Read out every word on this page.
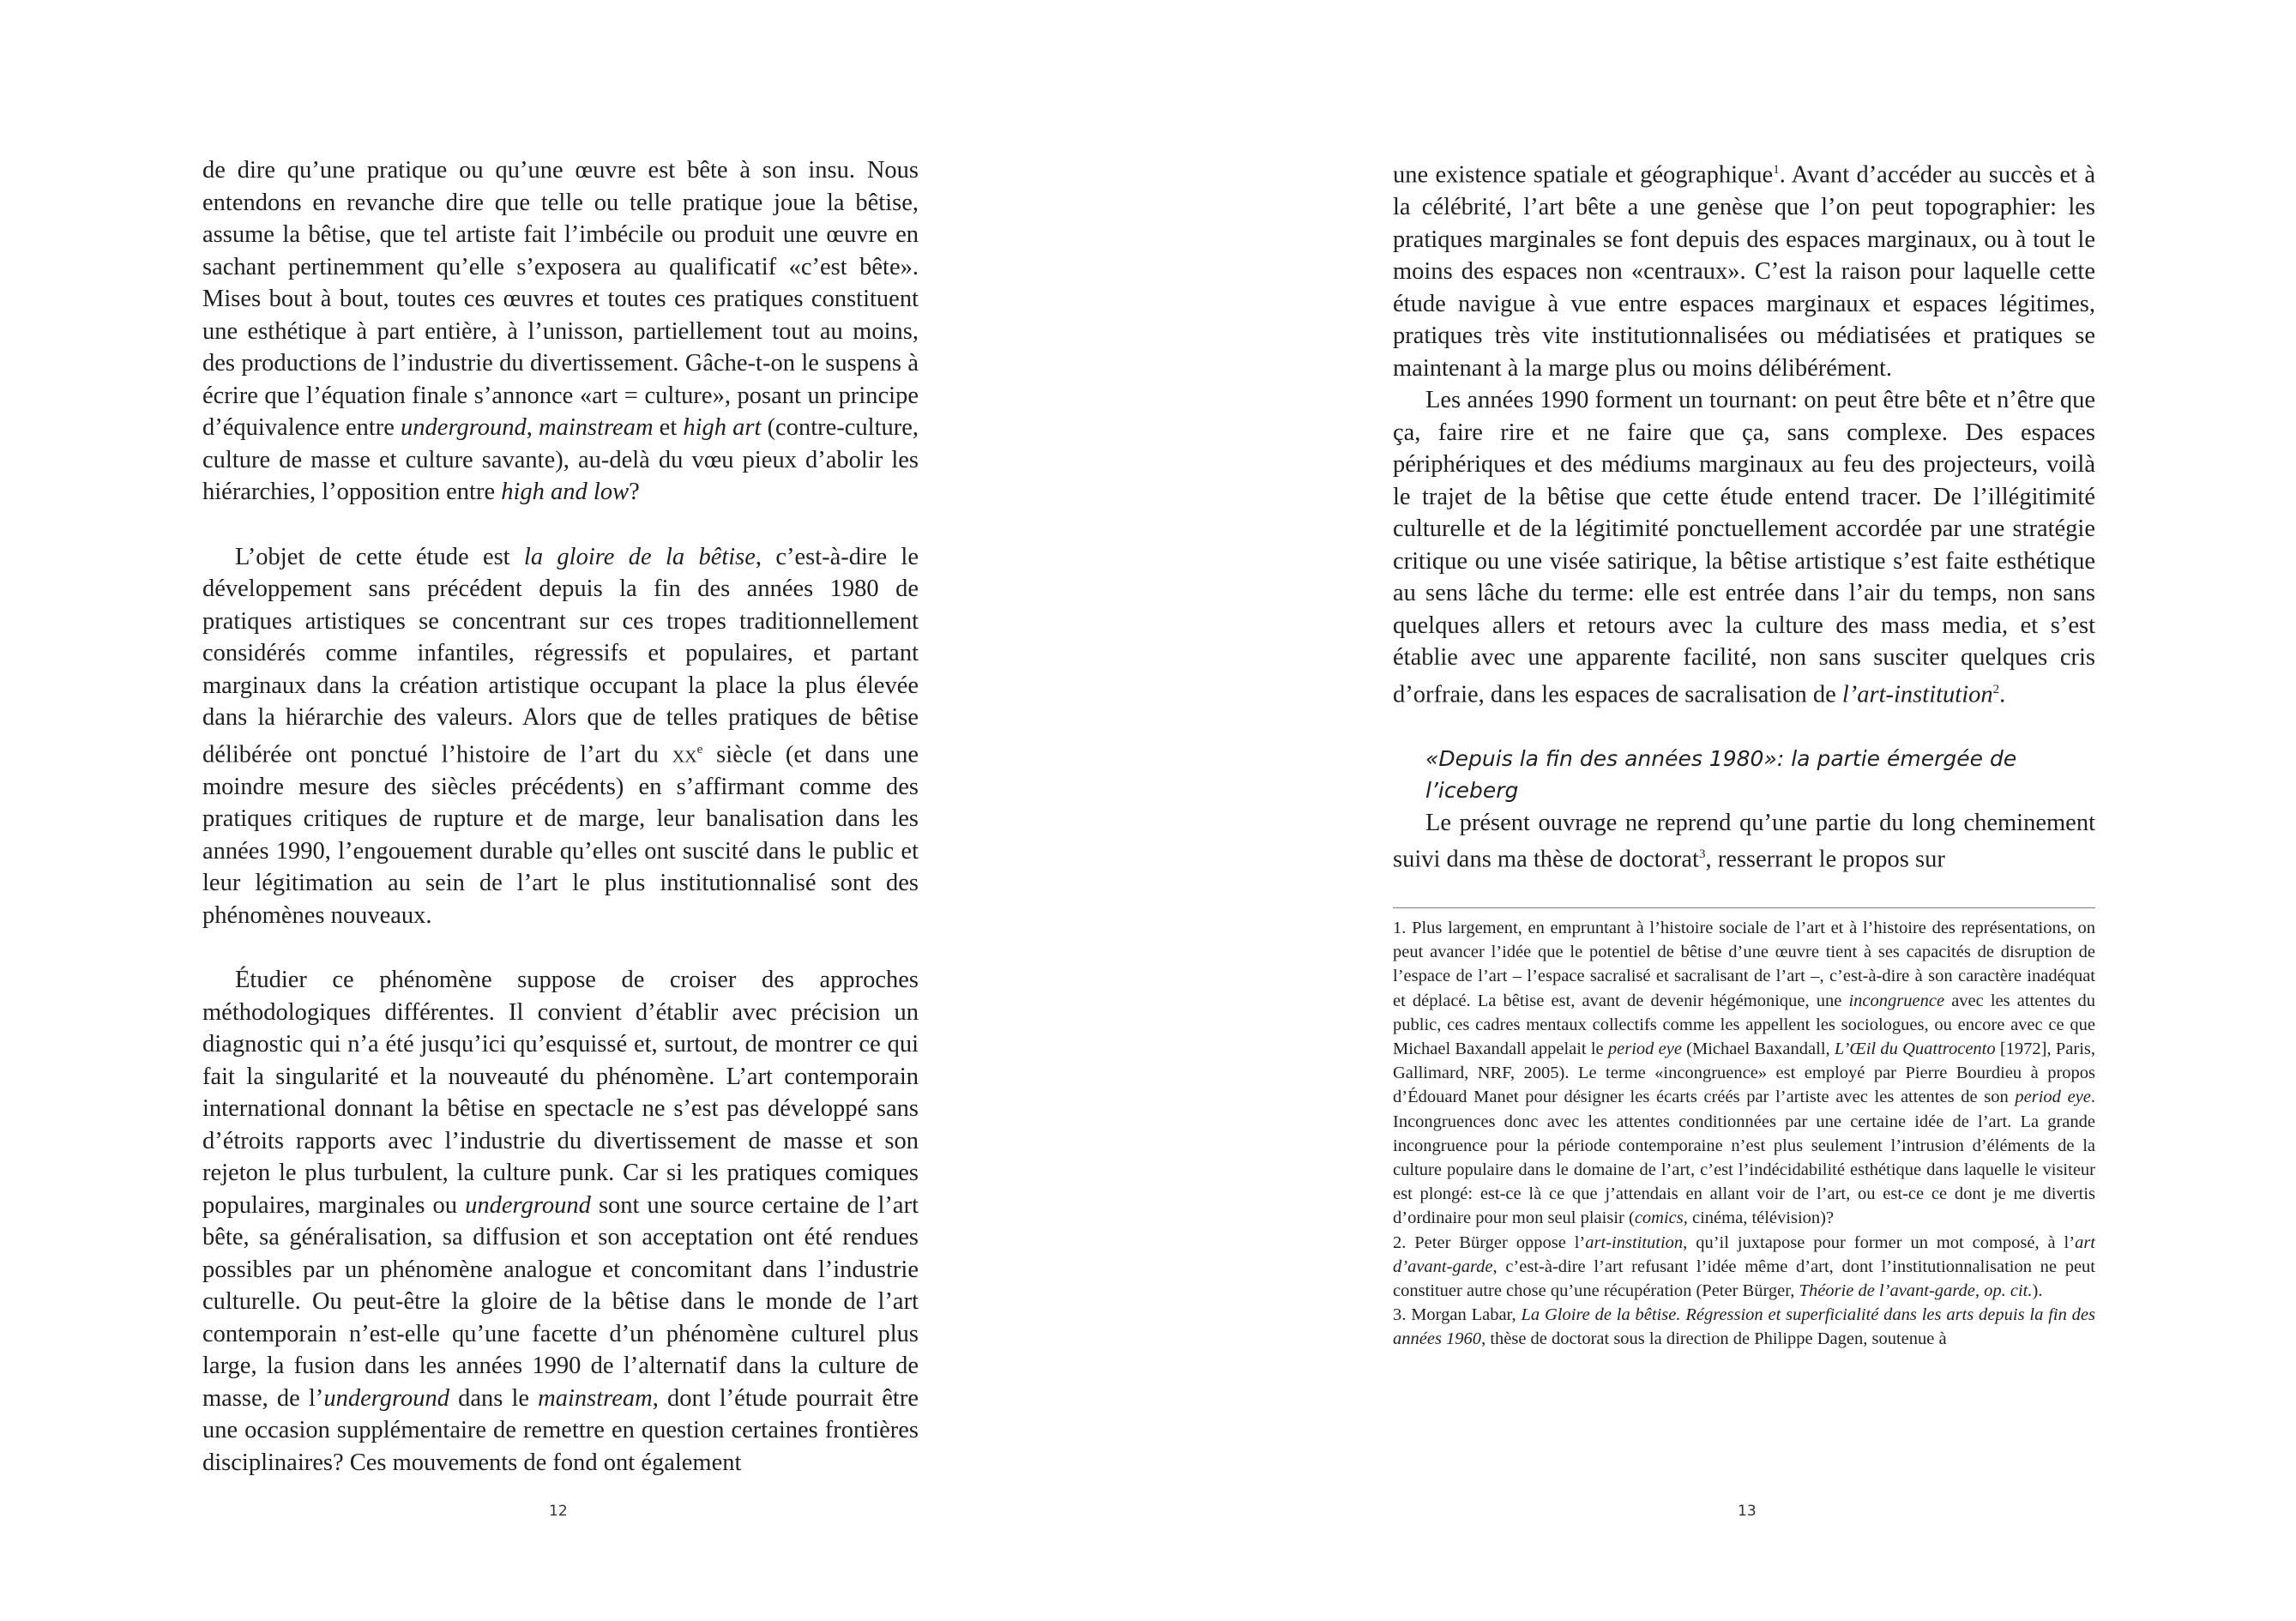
de dire qu’une pratique ou qu’une œuvre est bête à son insu. Nous entendons en revanche dire que telle ou telle pratique joue la bêtise, assume la bêtise, que tel artiste fait l’imbécile ou produit une œuvre en sachant pertinemment qu’elle s’exposera au qualificatif «c’est bête». Mises bout à bout, toutes ces œuvres et toutes ces pratiques constituent une esthétique à part entière, à l’unisson, partiellement tout au moins, des productions de l’industrie du divertissement. Gâche-t-on le suspens à écrire que l’équation finale s’annonce «art = culture», posant un principe d’équivalence entre underground, mainstream et high art (contre-culture, culture de masse et culture savante), au-delà du vœu pieux d’abolir les hiérarchies, l’opposition entre high and low?

L’objet de cette étude est la gloire de la bêtise, c’est-à-dire le développement sans précédent depuis la fin des années 1980 de pratiques artistiques se concentrant sur ces tropes traditionnellement considérés comme infantiles, régressifs et populaires, et partant marginaux dans la création artistique occupant la place la plus élevée dans la hiérarchie des valeurs. Alors que de telles pratiques de bêtise délibérée ont ponctué l’histoire de l’art du $xx^e$ siècle (et dans une moindre mesure des siècles précédents) en s’affirmant comme des pratiques critiques de rupture et de marge, leur banalisation dans les années 1990, l’engouement durable qu’elles ont suscité dans le public et leur légitimation au sein de l’art le plus institutionnalisé sont des phénomènes nouveaux.

Étudier ce phénomène suppose de croiser des approches méthodologiques différentes. Il convient d’établir avec précision un diagnostic qui n’a été jusqu’ici qu’esquissé et, surtout, de montrer ce qui fait la singularité et la nouveauté du phénomène. L’art contemporain international donnant la bêtise en spectacle ne s’est pas développé sans d’étroits rapports avec l’industrie du divertissement de masse et son rejeton le plus turbulent, la culture punk. Car si les pratiques comiques populaires, marginales ou underground sont une source certaine de l’art bête, sa généralisation, sa diffusion et son acceptation ont été rendues possibles par un phénomène analogue et concomitant dans l’industrie culturelle. Ou peut-être la gloire de la bêtise dans le monde de l’art contemporain n’est-elle qu’une facette d’un phénomène culturel plus large, la fusion dans les années 1990 de l’alternatif dans la culture de masse, de l’underground dans le mainstream, dont l’étude pourrait être une occasion supplémentaire de remettre en question certaines frontières disciplinaires? Ces mouvements de fond ont également

12

une existence spatiale et géographique$^1$. Avant d’accéder au succès et à la célébrité, l’art bête a une genèse que l’on peut topographier: les pratiques marginales se font depuis des espaces marginaux, ou à tout le moins des espaces non «centraux». C’est la raison pour laquelle cette étude navigue à vue entre espaces marginaux et espaces légitimes, pratiques très vite institutionnalisées ou médiatisées et pratiques se maintenant à la marge plus ou moins délibérément.

Les années 1990 forment un tournant: on peut être bête et n’être que ça, faire rire et ne faire que ça, sans complexe. Des espaces périphériques et des médiums marginaux au feu des projecteurs, voilà le trajet de la bêtise que cette étude entend tracer. De l’illégitimité culturelle et de la légitimité ponctuellement accordée par une stratégie critique ou une visée satirique, la bêtise artistique s’est faite esthétique au sens lâche du terme: elle est entrée dans l’air du temps, non sans quelques allers et retours avec la culture des mass media, et s’est établie avec une apparente facilité, non sans susciter quelques cris d’orfraie, dans les espaces de sacralisation de l’art-institution$^2$.

«Depuis la fin des années 1980»: la partie émergée de l’iceberg

Le présent ouvrage ne reprend qu’une partie du long cheminement suivi dans ma thèse de doctorat$^3$, resserrant le propos sur

1. Plus largement, en empruntant à l’histoire sociale de l’art et à l’histoire des représentations, on peut avancer l’idée que le potentiel de bêtise d’une œuvre tient à ses capacités de disruption de l’espace de l’art – l’espace sacralisé et sacralisant de l’art –, c’est-à-dire à son caractère inadéquat et déplacé. La bêtise est, avant de devenir hégémonique, une incongruence avec les attentes du public, ces cadres mentaux collectifs comme les appellent les sociologues, ou encore avec ce que Michael Baxandall appelait le period eye (Michael Baxandall, L’Œil du Quattrocento [1972], Paris, Gallimard, NRF, 2005). Le terme «incongruence» est employé par Pierre Bourdieu à propos d’Édouard Manet pour désigner les écarts créés par l’artiste avec les attentes de son period eye. Incongruences donc avec les attentes conditionnées par une certaine idée de l’art. La grande incongruence pour la période contemporaine n’est plus seulement l’intrusion d’éléments de la culture populaire dans le domaine de l’art, c’est l’indécidabilité esthétique dans laquelle le visiteur est plongé: est-ce là ce que j’attendais en allant voir de l’art, ou est-ce ce dont je me divertis d’ordinaire pour mon seul plaisir (comics, cinéma, télévision)?

2. Peter Bürger oppose l’art-institution, qu’il juxtapose pour former un mot composé, à l’art d’avant-garde, c’est-à-dire l’art refusant l’idée même d’art, dont l’institutionnalisation ne peut constituer autre chose qu’une récupération (Peter Bürger, Théorie de l’avant-garde, op. cit.).

3. Morgan Labar, La Gloire de la bêtise. Régression et superficialité dans les arts depuis la fin des années 1960, thèse de doctorat sous la direction de Philippe Dagen, soutenue à

13
